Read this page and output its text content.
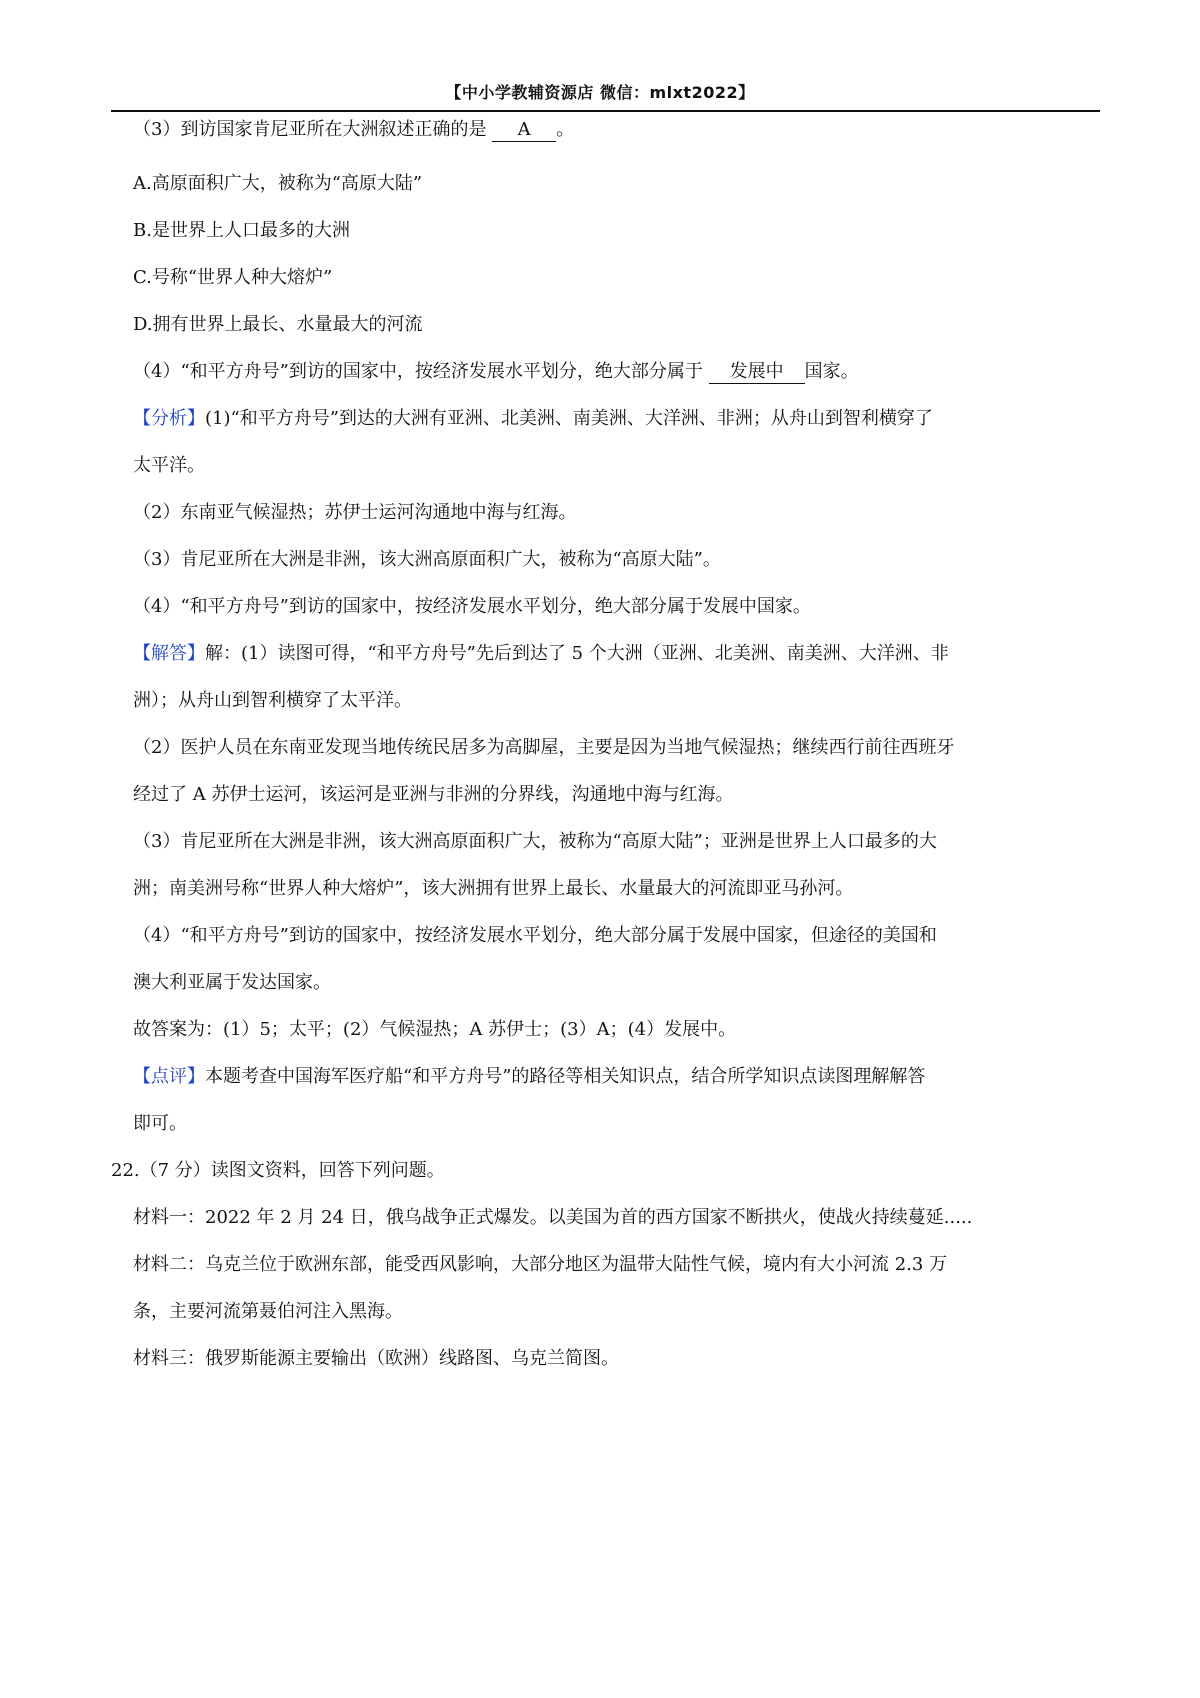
【中小学教辅资源店 微信：mlxt2022】
（3）到访国家肯尼亚所在大洲叙述正确的是 A 。
A.高原面积广大，被称为“高原大陆”
B.是世界上人口最多的大洲
C.号称“世界人种大熔炉”
D.拥有世界上最长、水量最大的河流
（4）“和平方舟号”到访的国家中，按经济发展水平划分，绝大部分属于 发展中 国家。
【分析】(1)“和平方舟号”到达的大洲有亚洲、北美洲、南美洲、大洋洲、非洲；从舟山到智利横穿了
太平洋。
（2）东南亚气候湿热；苏伊士运河沟通地中海与红海。
（3）肯尼亚所在大洲是非洲，该大洲高原面积广大，被称为“高原大陆”。
（4）“和平方舟号”到访的国家中，按经济发展水平划分，绝大部分属于发展中国家。
【解答】解：(1）读图可得，“和平方舟号”先后到达了 5 个大洲（亚洲、北美洲、南美洲、大洋洲、非
洲）；从舟山到智利横穿了太平洋。
（2）医护人员在东南亚发现当地传统民居多为高脚屋，主要是因为当地气候湿热；继续西行前往西班牙
经过了 A 苏伊士运河，该运河是亚洲与非洲的分界线，沟通地中海与红海。
（3）肯尼亚所在大洲是非洲，该大洲高原面积广大，被称为“高原大陆”；亚洲是世界上人口最多的大
洲；南美洲号称“世界人种大熔炉”，该大洲拥有世界上最长、水量最大的河流即亚马孙河。
（4）“和平方舟号”到访的国家中，按经济发展水平划分，绝大部分属于发展中国家，但途径的美国和
澳大利亚属于发达国家。
故答案为：(1）5；太平；(2）气候湿热；A 苏伊士；(3）A；(4）发展中。
【点评】本题考查中国海军医疗船“和平方舟号”的路径等相关知识点，结合所学知识点读图理解解答
即可。
22.（7 分）读图文资料，回答下列问题。
材料一：2022 年 2 月 24 日，俄乌战争正式爆发。以美国为首的西方国家不断拱火，使战火持续蔓延.....
材料二：乌克兰位于欧洲东部，能受西风影响，大部分地区为温带大陆性气候，境内有大小河流 2.3 万
条，主要河流第聂伯河注入黑海。
材料三：俄罗斯能源主要输出（欧洲）线路图、乌克兰简图。
